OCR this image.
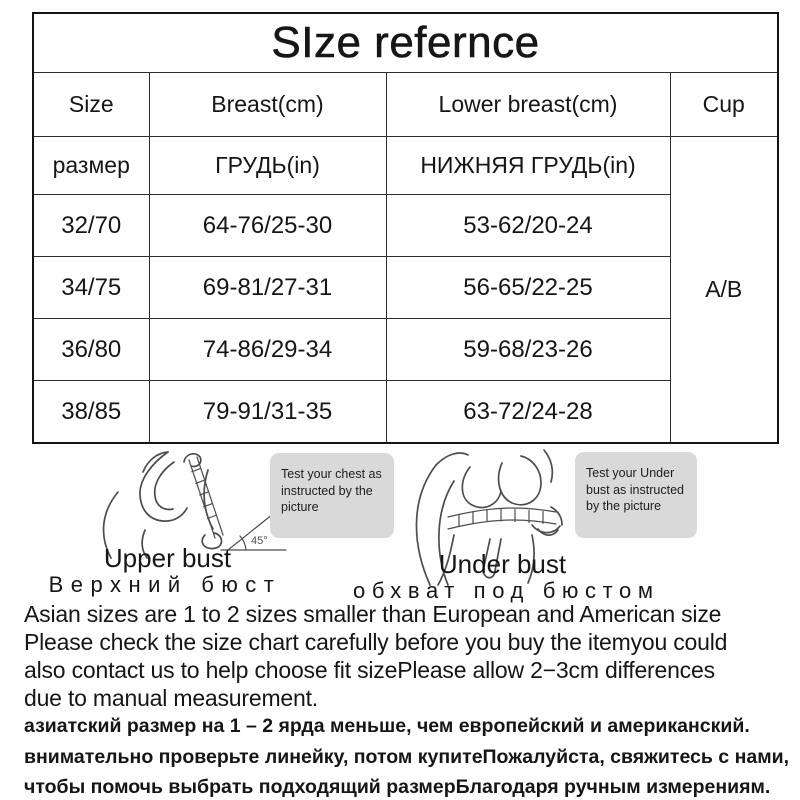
SIze refernce			
Size	Breast(cm)	Lower breast(cm)	Cup
размер	ГРУДЬ(in)	НИЖНЯЯ ГРУДЬ(in)	A/B
32/70	64-76/25-30	53-62/20-24	
34/75	69-81/27-31	56-65/22-25	
36/80	74-86/29-34	59-68/23-26	
38/85	79-91/31-35	63-72/24-28	
45°
Test your chest as instructed by the picture
Test your Under bust as instructed by the picture
Upper bust
Верхний бюст
Under bust
обхват под бюстом
Asian sizes are 1 to 2 sizes smaller than European and American size
Please check the size chart carefully before you buy the itemyou could
also contact us to help choose fit sizePlease allow 2−3cm differences
due to manual measurement.
азиатский размер на 1 – 2 ярда меньше, чем европейский и американский.
внимательно проверьте линейку, потом купитеПожалуйста, свяжитесь с нами,
чтобы помочь выбрать подходящий размерБлагодаря ручным измерениям.
